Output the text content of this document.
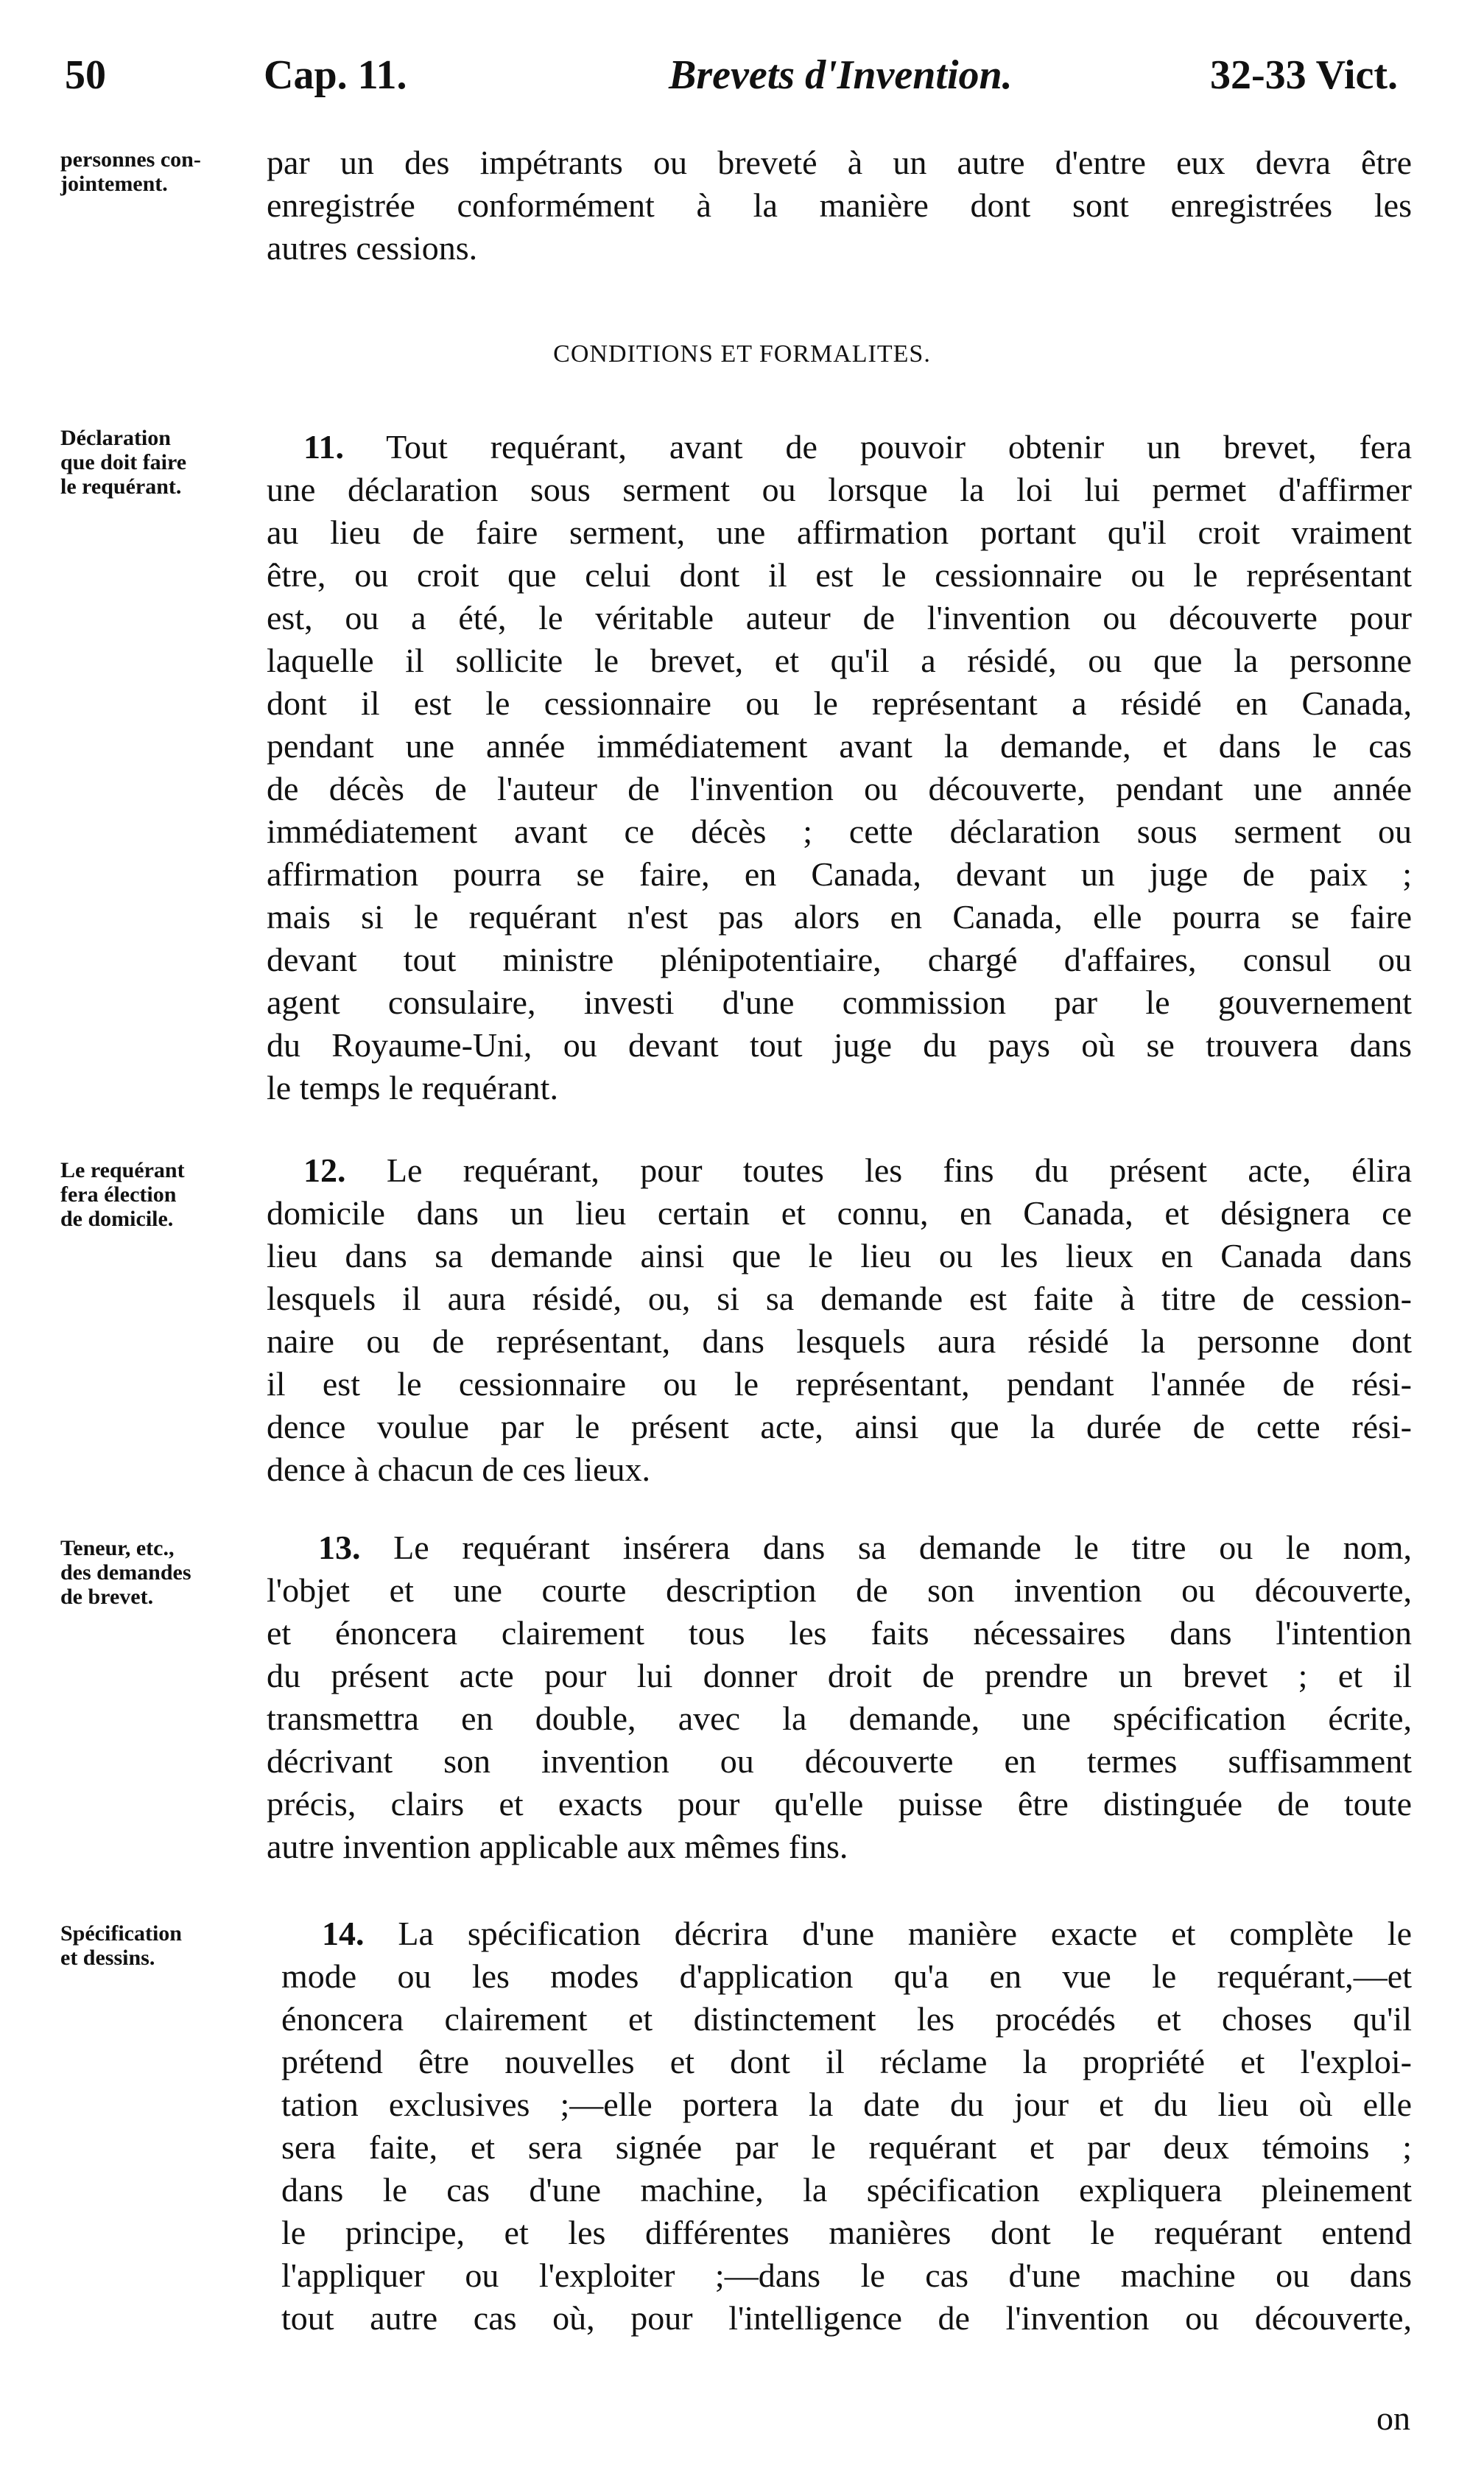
50	Cap. 11.	Brevets d'Invention.	32-33 Vict.
personnes con-
jointement.
par un des impétrants ou breveté à un autre d'entre eux devra être
enregistrée conformément à la manière dont sont enregistrées les
autres cessions.
CONDITIONS ET FORMALITES.
Déclaration
que doit faire
le requérant.
11. Tout requérant, avant de pouvoir obtenir un brevet, fera
une déclaration sous serment ou lorsque la loi lui permet d'affirmer
au lieu de faire serment, une affirmation portant qu'il croit vraiment
être, ou croit que celui dont il est le cessionnaire ou le représentant
est, ou a été, le véritable auteur de l'invention ou découverte pour
laquelle il sollicite le brevet, et qu'il a résidé, ou que la personne
dont il est le cessionnaire ou le représentant a résidé en Canada,
pendant une année immédiatement avant la demande, et dans le cas
de décès de l'auteur de l'invention ou découverte, pendant une année
immédiatement avant ce décès ; cette déclaration sous serment ou
affirmation pourra se faire, en Canada, devant un juge de paix ;
mais si le requérant n'est pas alors en Canada, elle pourra se faire
devant tout ministre plénipotentiaire, chargé d'affaires, consul ou
agent consulaire, investi d'une commission par le gouvernement
du Royaume-Uni, ou devant tout juge du pays où se trouvera dans
le temps le requérant.
Le requérant
fera élection
de domicile.
12. Le requérant, pour toutes les fins du présent acte, élira
domicile dans un lieu certain et connu, en Canada, et désignera ce
lieu dans sa demande ainsi que le lieu ou les lieux en Canada dans
lesquels il aura résidé, ou, si sa demande est faite à titre de cession-
naire ou de représentant, dans lesquels aura résidé la personne dont
il est le cessionnaire ou le représentant, pendant l'année de rési-
dence voulue par le présent acte, ainsi que la durée de cette rési-
dence à chacun de ces lieux.
Teneur, etc.,
des demandes
de brevet.
13. Le requérant insérera dans sa demande le titre ou le nom,
l'objet et une courte description de son invention ou découverte,
et énoncera clairement tous les faits nécessaires dans l'intention
du présent acte pour lui donner droit de prendre un brevet ; et il
transmettra en double, avec la demande, une spécification écrite,
décrivant son invention ou découverte en termes suffisamment
précis, clairs et exacts pour qu'elle puisse être distinguée de toute
autre invention applicable aux mêmes fins.
Spécification
et dessins.
14. La spécification décrira d'une manière exacte et complète le
mode ou les modes d'application qu'a en vue le requérant,—et
énoncera clairement et distinctement les procédés et choses qu'il
prétend être nouvelles et dont il réclame la propriété et l'exploi-
tation exclusives ;—elle portera la date du jour et du lieu où elle
sera faite, et sera signée par le requérant et par deux témoins ;
dans le cas d'une machine, la spécification expliquera pleinement
le principe, et les différentes manières dont le requérant entend
l'appliquer ou l'exploiter ;—dans le cas d'une machine ou dans
tout autre cas où, pour l'intelligence de l'invention ou découverte,
on
